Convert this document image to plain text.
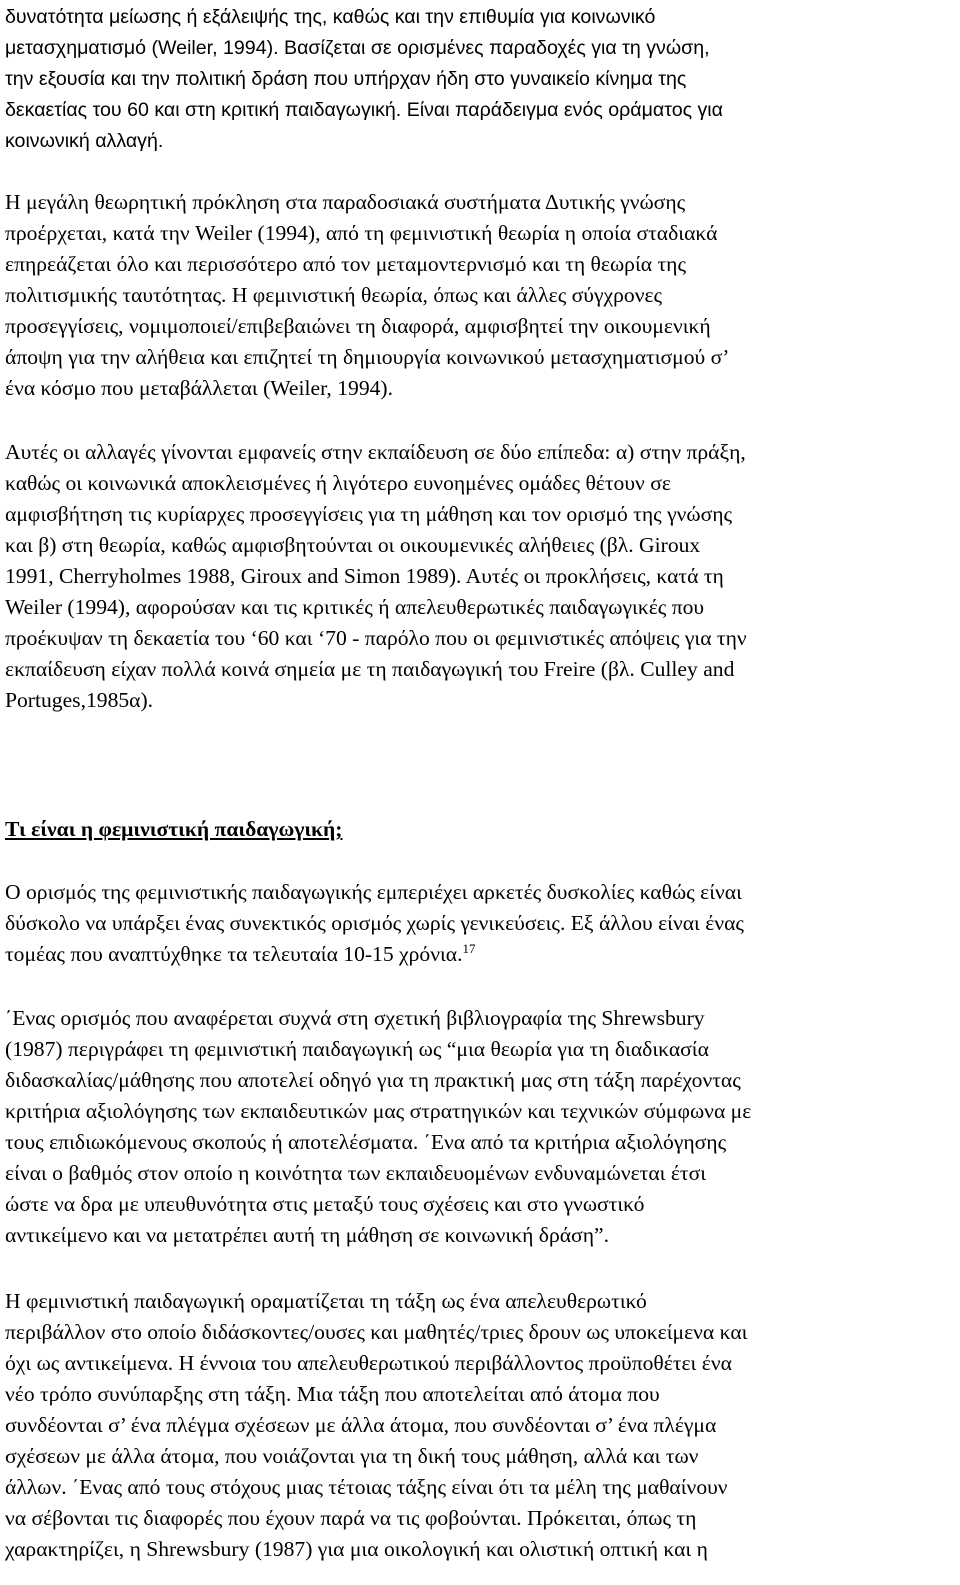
δυνατότητα μείωσης ή εξάλειψής της, καθώς και την επιθυμία για κοινωνικό
μετασχηματισμό (Weiler, 1994). Βασίζεται σε ορισμένες παραδοχές για τη γνώση,
την εξουσία και την πολιτική δράση που υπήρχαν ήδη στο γυναικείο κίνημα της
δεκαετίας του 60 και στη κριτική παιδαγωγική. Είναι παράδειγμα ενός οράματος για
κοινωνική αλλαγή.

Η μεγάλη θεωρητική πρόκληση στα παραδοσιακά συστήματα Δυτικής γνώσης
προέρχεται, κατά την Weiler (1994), από τη φεμινιστική θεωρία η οποία σταδιακά
επηρεάζεται όλο και περισσότερο από τον μεταμοντερνισμό και τη θεωρία της
πολιτισμικής ταυτότητας. Η φεμινιστική θεωρία, όπως και άλλες σύγχρονες
προσεγγίσεις, νομιμοποιεί/επιβεβαιώνει τη διαφορά, αμφισβητεί την οικουμενική
άποψη για την αλήθεια και επιζητεί τη δημιουργία κοινωνικού μετασχηματισμού σ’
ένα κόσμο που μεταβάλλεται (Weiler, 1994).

Αυτές οι αλλαγές γίνονται εμφανείς στην εκπαίδευση σε δύο επίπεδα: α) στην πράξη,
καθώς οι κοινωνικά αποκλεισμένες ή λιγότερο ευνοημένες ομάδες θέτουν σε
αμφισβήτηση τις κυρίαρχες προσεγγίσεις για τη μάθηση και τον ορισμό της γνώσης
και β) στη θεωρία, καθώς αμφισβητούνται οι οικουμενικές αλήθειες (βλ. Giroux
1991, Cherryholmes 1988, Giroux and Simon 1989). Αυτές οι προκλήσεις, κατά τη
Weiler (1994), αφορούσαν και τις κριτικές ή απελευθερωτικές παιδαγωγικές που
προέκυψαν τη δεκαετία του ‘60 και ‘70 - παρόλο που οι φεμινιστικές απόψεις για την
εκπαίδευση είχαν πολλά κοινά σημεία με τη παιδαγωγική του Freire (βλ. Culley and
Portuges,1985α).

Τι είναι η φεμινιστική παιδαγωγική;

Ο ορισμός της φεμινιστικής παιδαγωγικής εμπεριέχει αρκετές δυσκολίες καθώς είναι
δύσκολο να υπάρξει ένας συνεκτικός ορισμός χωρίς γενικεύσεις. Εξ άλλου είναι ένας
τομέας που αναπτύχθηκε τα τελευταία 10-15 χρόνια.$^{17}$

΄Ενας ορισμός που αναφέρεται συχνά στη σχετική βιβλιογραφία της Shrewsbury
(1987) περιγράφει τη φεμινιστική παιδαγωγική ως “μια θεωρία για τη διαδικασία
διδασκαλίας/μάθησης που αποτελεί οδηγό για τη πρακτική μας στη τάξη παρέχοντας
κριτήρια αξιολόγησης των εκπαιδευτικών μας στρατηγικών και τεχνικών σύμφωνα με
τους επιδιωκόμενους σκοπούς ή αποτελέσματα. ΄Ενα από τα κριτήρια αξιολόγησης
είναι ο βαθμός στον οποίο η κοινότητα των εκπαιδευομένων ενδυναμώνεται έτσι
ώστε να δρα με υπευθυνότητα στις μεταξύ τους σχέσεις και στο γνωστικό
αντικείμενο και να μετατρέπει αυτή τη μάθηση σε κοινωνική δράση”.

Η φεμινιστική παιδαγωγική οραματίζεται τη τάξη ως ένα απελευθερωτικό
περιβάλλον στο οποίο διδάσκοντες/ουσες και μαθητές/τριες δρουν ως υποκείμενα και
όχι ως αντικείμενα. Η έννοια του απελευθερωτικού περιβάλλοντος προϋποθέτει ένα
νέο τρόπο συνύπαρξης στη τάξη. Μια τάξη που αποτελείται από άτομα που
συνδέονται σ’ ένα πλέγμα σχέσεων με άλλα άτομα, που συνδέονται σ’ ένα πλέγμα
σχέσεων με άλλα άτομα, που νοιάζονται για τη δική τους μάθηση, αλλά και των
άλλων. ΄Ενας από τους στόχους μιας τέτοιας τάξης είναι ότι τα μέλη της μαθαίνουν
να σέβονται τις διαφορές που έχουν παρά να τις φοβούνται. Πρόκειται, όπως τη
χαρακτηρίζει, η Shrewsbury (1987) για μια οικολογική και ολιστική οπτική και η
